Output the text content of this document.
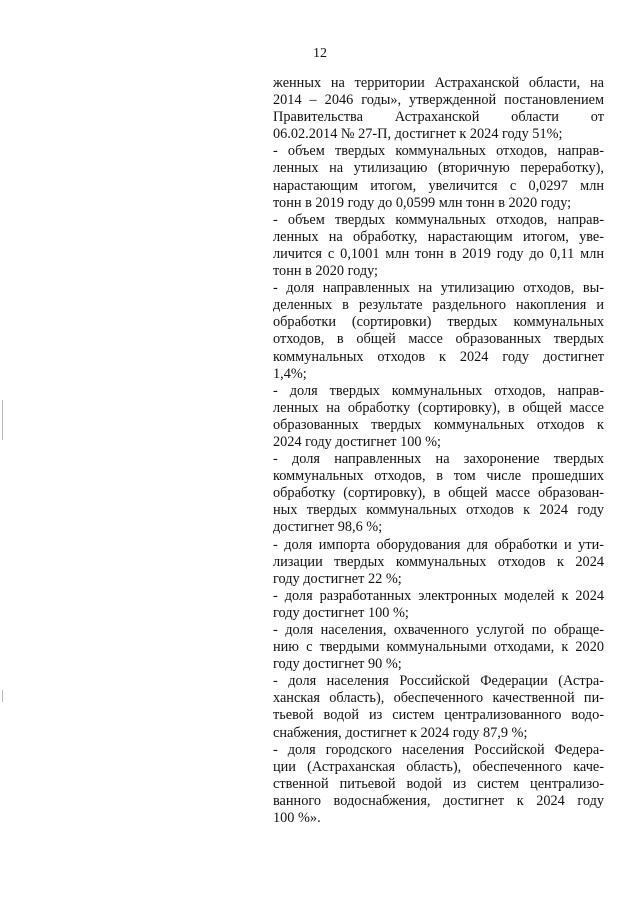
12
женных на территории Астраханской области, на
2014 – 2046 годы», утвержденной постановлением
Правительства Астраханской области от
06.02.2014 № 27-П, достигнет к 2024 году 51%;
- объем твердых коммунальных отходов, направ-
ленных на утилизацию (вторичную переработку),
нарастающим итогом, увеличится с 0,0297 млн
тонн в 2019 году до 0,0599 млн тонн в 2020 году;
- объем твердых коммунальных отходов, направ-
ленных на обработку, нарастающим итогом, уве-
личится с 0,1001 млн тонн в 2019 году до 0,11 млн
тонн в 2020 году;
- доля направленных на утилизацию отходов, вы-
деленных в результате раздельного накопления и
обработки (сортировки) твердых коммунальных
отходов, в общей массе образованных твердых
коммунальных отходов к 2024 году достигнет
1,4%;
- доля твердых коммунальных отходов, направ-
ленных на обработку (сортировку), в общей массе
образованных твердых коммунальных отходов к
2024 году достигнет 100 %;
- доля направленных на захоронение твердых
коммунальных отходов, в том числе прошедших
обработку (сортировку), в общей массе образован-
ных твердых коммунальных отходов к 2024 году
достигнет 98,6 %;
- доля импорта оборудования для обработки и ути-
лизации твердых коммунальных отходов к 2024
году достигнет 22 %;
- доля разработанных электронных моделей к 2024
году достигнет 100 %;
- доля населения, охваченного услугой по обраще-
нию с твердыми коммунальными отходами, к 2020
году достигнет 90 %;
- доля населения Российской Федерации (Астра-
ханская область), обеспеченного качественной пи-
тьевой водой из систем централизованного водо-
снабжения, достигнет к 2024 году 87,9 %;
- доля городского населения Российской Федера-
ции (Астраханская область), обеспеченного каче-
ственной питьевой водой из систем централизо-
ванного водоснабжения, достигнет к 2024 году
100 %».
